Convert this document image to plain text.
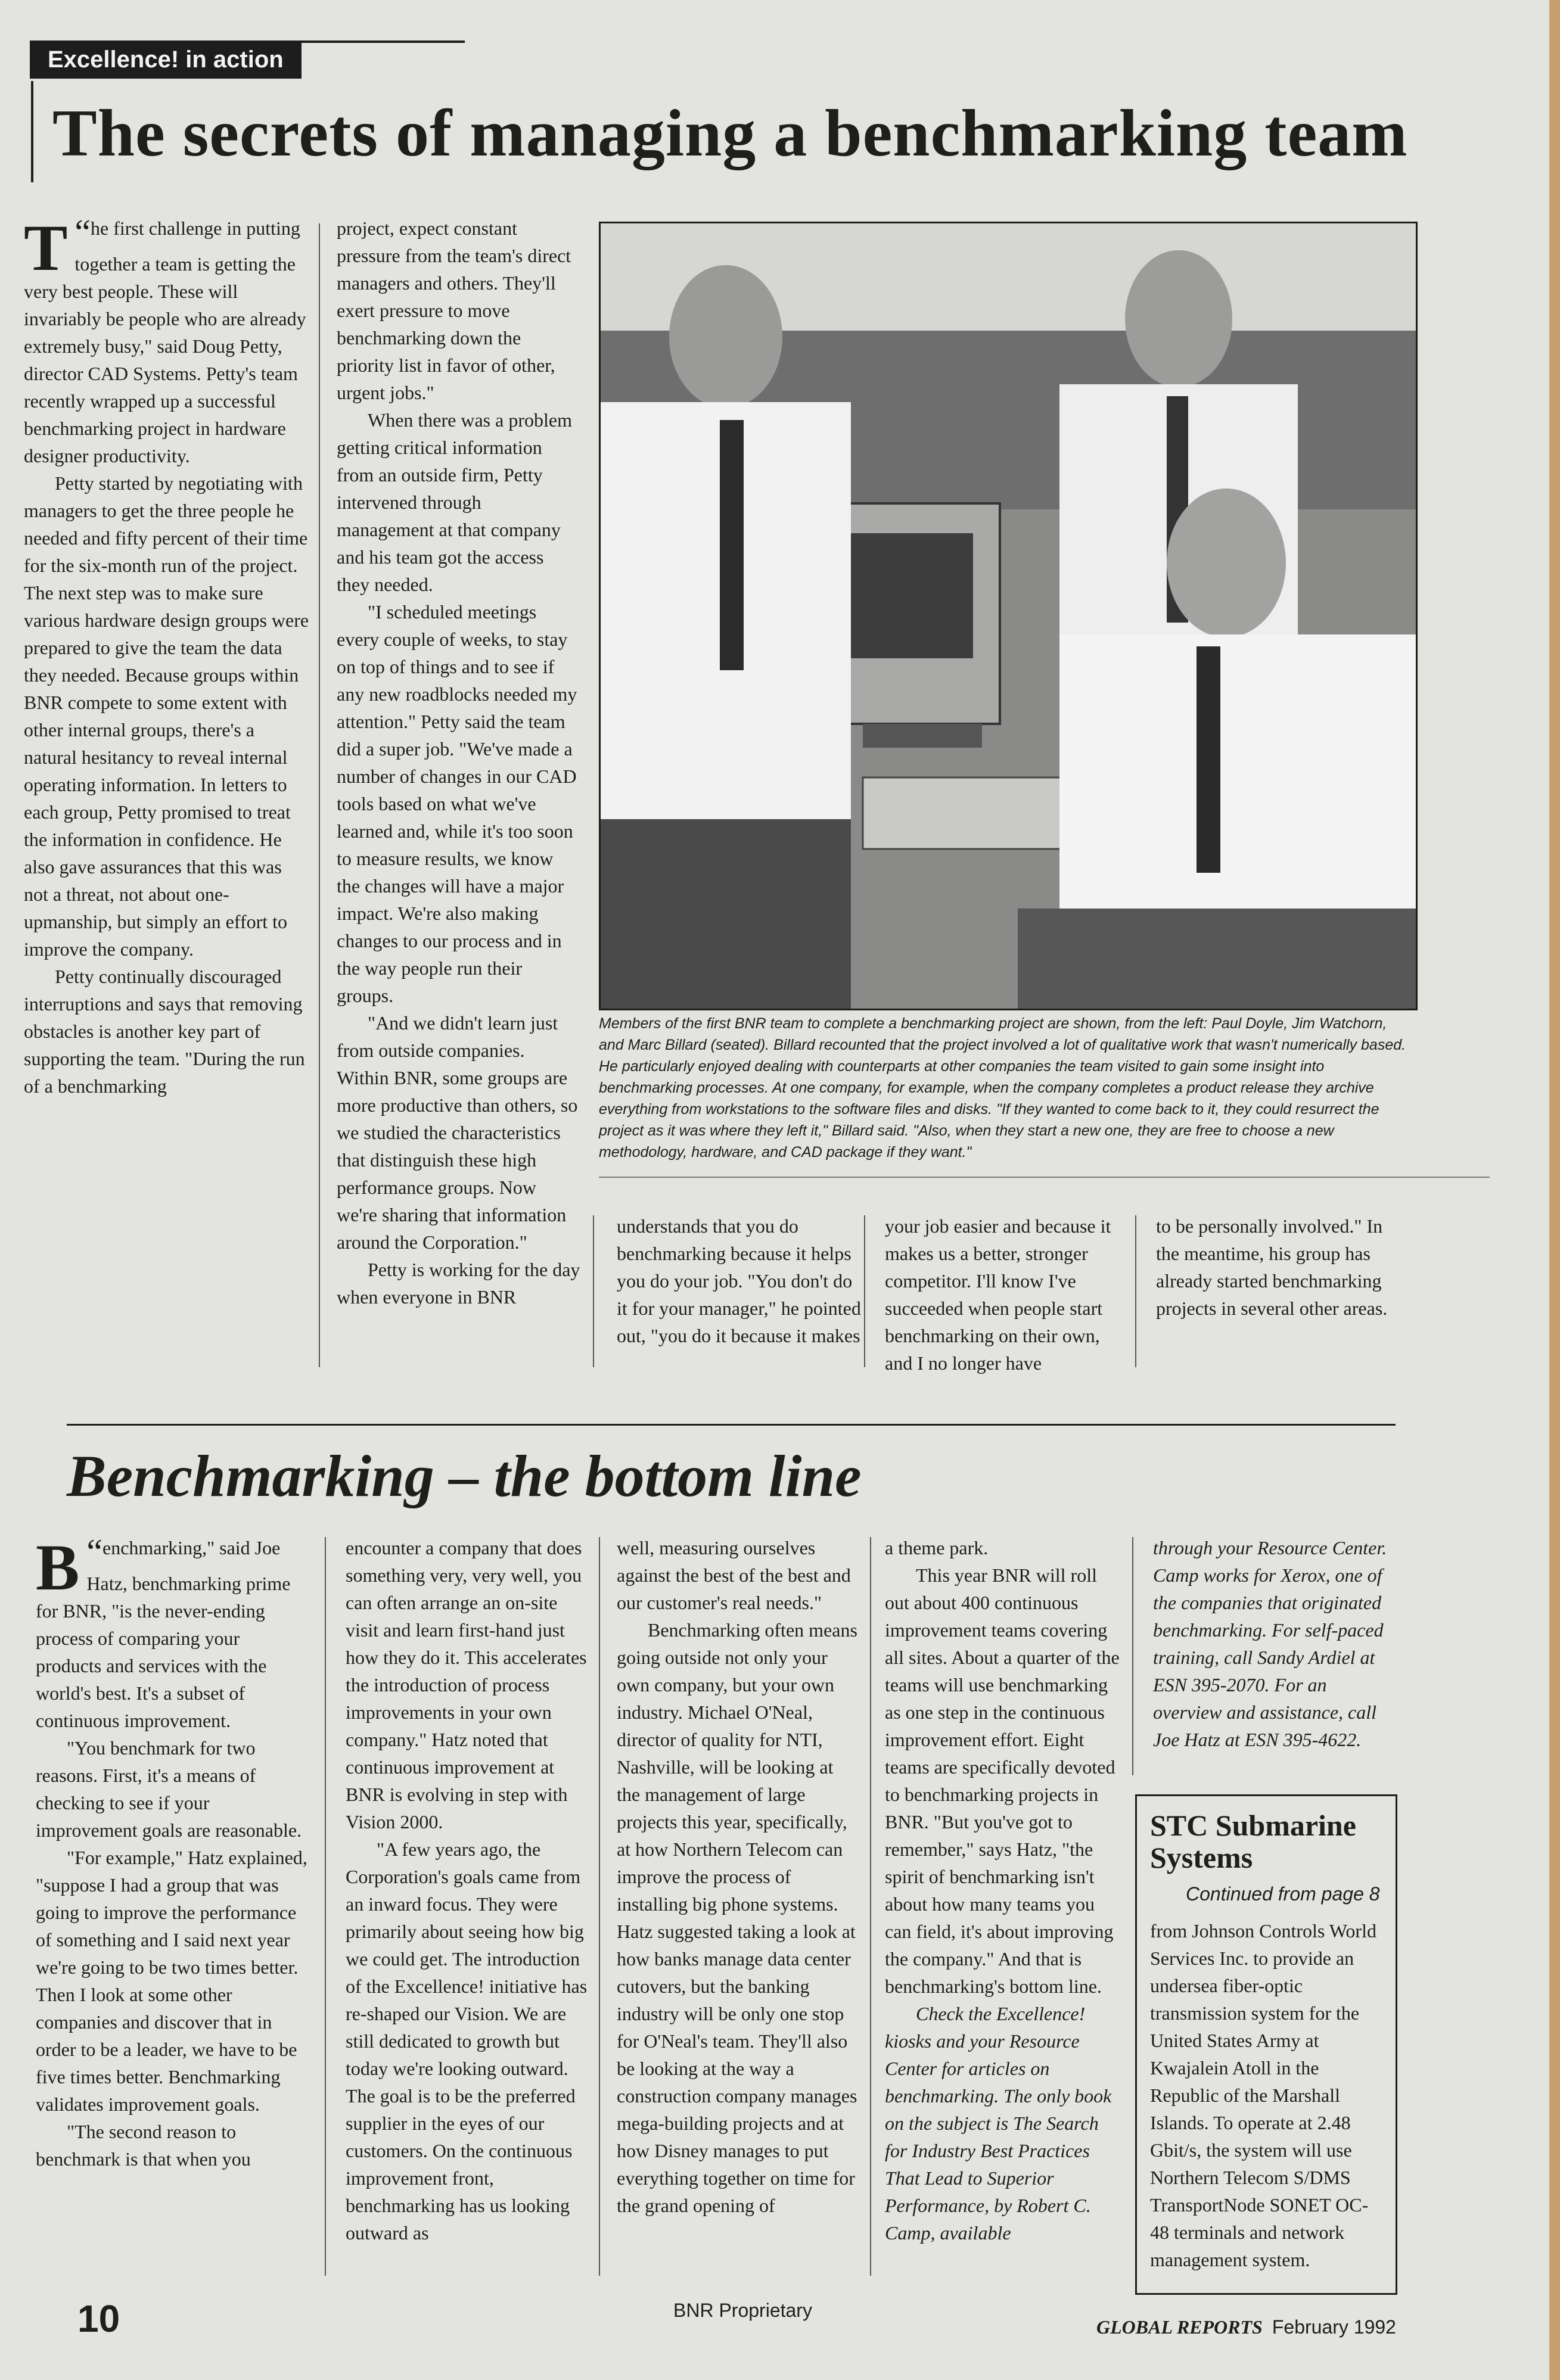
Excellence! in action
The secrets of managing a benchmarking team

“
T he first challenge in putting together a team is getting the very best people. These will invariably be people who are already extremely busy," said Doug Petty, director CAD Systems. Petty's team recently wrapped up a successful benchmarking project in hardware designer productivity.

Petty started by negotiating with managers to get the three people he needed and fifty percent of their time for the six-month run of the project. The next step was to make sure various hardware design groups were prepared to give the team the data they needed. Because groups within BNR compete to some extent with other internal groups, there's a natural hesitancy to reveal internal operating information. In letters to each group, Petty promised to treat the information in confidence. He also gave assurances that this was not a threat, not about one-upmanship, but simply an effort to improve the company.

Petty continually discouraged interruptions and says that removing obstacles is another key part of supporting the team. "During the run of a benchmarking

project, expect constant pressure from the team's direct managers and others. They'll exert pressure to move benchmarking down the priority list in favor of other, urgent jobs."

When there was a problem getting critical information from an outside firm, Petty intervened through management at that company and his team got the access they needed.

"I scheduled meetings every couple of weeks, to stay on top of things and to see if any new roadblocks needed my attention." Petty said the team did a super job. "We've made a number of changes in our CAD tools based on what we've learned and, while it's too soon to measure results, we know the changes will have a major impact. We're also making changes to our process and in the way people run their groups.

"And we didn't learn just from outside companies. Within BNR, some groups are more productive than others, so we studied the characteristics that distinguish these high performance groups. Now we're sharing that information around the Corporation."

Petty is working for the day when everyone in BNR

Members of the first BNR team to complete a benchmarking project are shown, from the left: Paul Doyle, Jim Watchorn, and Marc Billard (seated). Billard recounted that the project involved a lot of qualitative work that wasn't numerically based. He particularly enjoyed dealing with counterparts at other companies the team visited to gain some insight into benchmarking processes. At one company, for example, when the company completes a product release they archive everything from workstations to the software files and disks. "If they wanted to come back to it, they could resurrect the project as it was where they left it," Billard said. "Also, when they start a new one, they are free to choose a new methodology, hardware, and CAD package if they want."

understands that you do benchmarking because it helps you do your job. "You don't do it for your manager," he pointed out, "you do it because it makes

your job easier and because it makes us a better, stronger competitor. I'll know I've succeeded when people start benchmarking on their own, and I no longer have

to be personally involved." In the meantime, his group has already started benchmarking projects in several other areas.

Benchmarking – the bottom line

“
B enchmarking," said Joe Hatz, benchmarking prime for BNR, "is the never-ending process of comparing your products and services with the world's best. It's a subset of continuous improvement.

"You benchmark for two reasons. First, it's a means of checking to see if your improvement goals are reasonable.

"For example," Hatz explained, "suppose I had a group that was going to improve the performance of something and I said next year we're going to be two times better. Then I look at some other companies and discover that in order to be a leader, we have to be five times better. Benchmarking validates improvement goals.

"The second reason to benchmark is that when you

encounter a company that does something very, very well, you can often arrange an on-site visit and learn first-hand just how they do it. This accelerates the introduction of process improvements in your own company." Hatz noted that continuous improvement at BNR is evolving in step with Vision 2000.

"A few years ago, the Corporation's goals came from an inward focus. They were primarily about seeing how big we could get. The introduction of the Excellence! initiative has re-shaped our Vision. We are still dedicated to growth but today we're looking outward. The goal is to be the preferred supplier in the eyes of our customers. On the continuous improvement front, benchmarking has us looking outward as

well, measuring ourselves against the best of the best and our customer's real needs."

Benchmarking often means going outside not only your own company, but your own industry. Michael O'Neal, director of quality for NTI, Nashville, will be looking at the management of large projects this year, specifically, at how Northern Telecom can improve the process of installing big phone systems. Hatz suggested taking a look at how banks manage data center cutovers, but the banking industry will be only one stop for O'Neal's team. They'll also be looking at the way a construction company manages mega-building projects and at how Disney manages to put everything together on time for the grand opening of

a theme park.

This year BNR will roll out about 400 continuous improvement teams covering all sites. About a quarter of the teams will use benchmarking as one step in the continuous improvement effort. Eight teams are specifically devoted to benchmarking projects in BNR. "But you've got to remember," says Hatz, "the spirit of benchmarking isn't about how many teams you can field, it's about improving the company." And that is benchmarking's bottom line.

Check the Excellence! kiosks and your Resource Center for articles on benchmarking. The only book on the subject is The Search for Industry Best Practices That Lead to Superior Performance, by Robert C. Camp, available

through your Resource Center. Camp works for Xerox, one of the companies that originated benchmarking. For self-paced training, call Sandy Ardiel at ESN 395-2070. For an overview and assistance, call Joe Hatz at ESN 395-4622.

STC Submarine Systems
Continued from page 8
from Johnson Controls World Services Inc. to provide an undersea fiber-optic transmission system for the United States Army at Kwajalein Atoll in the Republic of the Marshall Islands. To operate at 2.48 Gbit/s, the system will use Northern Telecom S/DMS TransportNode SONET OC-48 terminals and network management system.
10	BNR Proprietary
GLOBAL REPORTS February 1992
